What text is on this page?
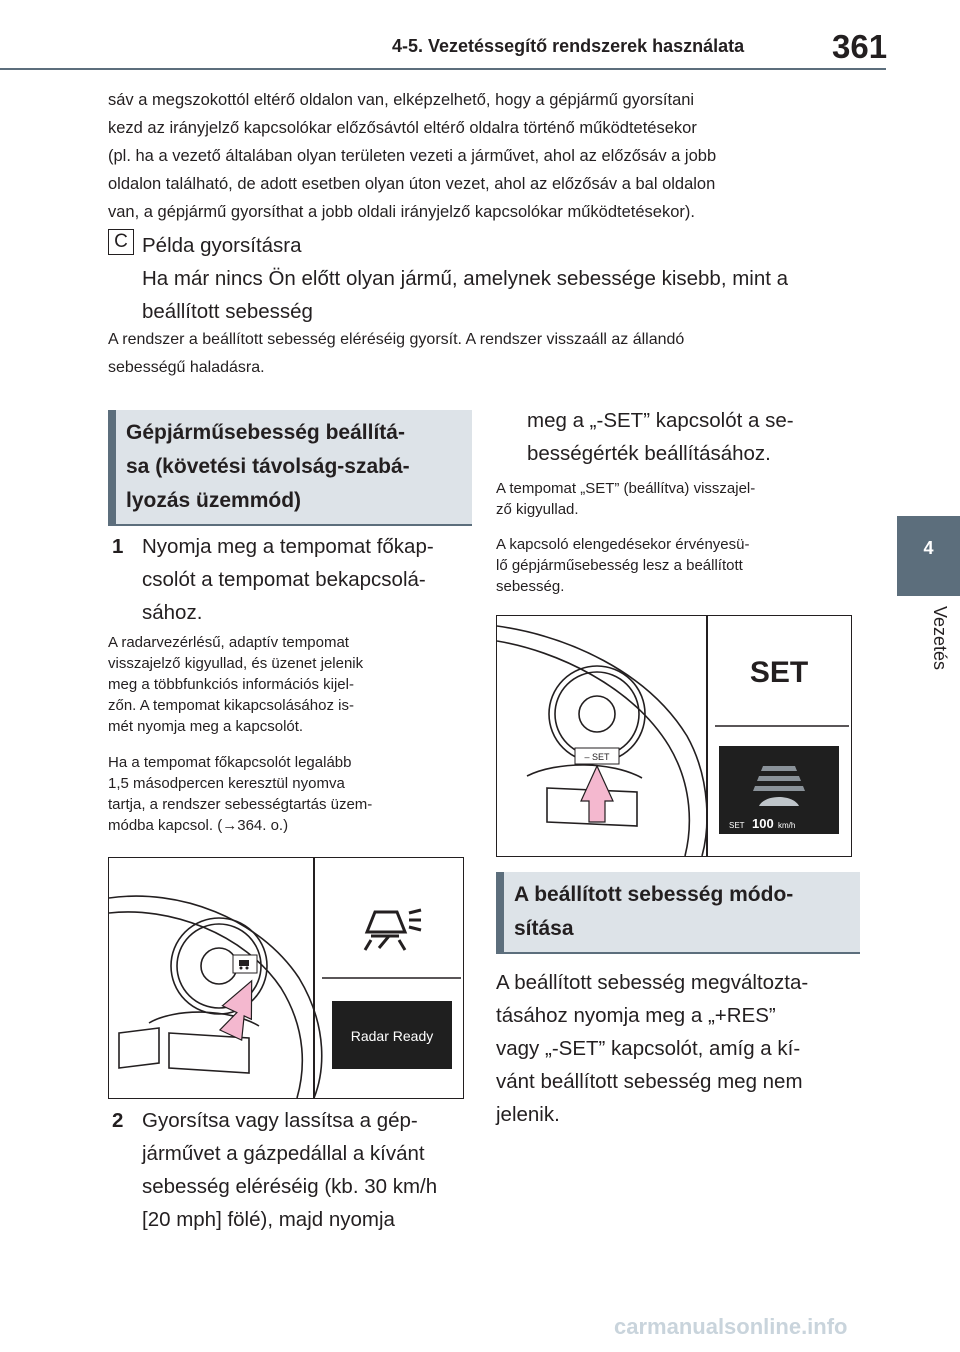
4-5. Vezetéssegítő rendszerek használata	361
4
Vezetés
sáv a megszokottól eltérő oldalon van, elképzelhető, hogy a gépjármű gyorsítani
kezd az irányjelző kapcsolókar előzősávtól eltérő oldalra történő működtetésekor
(pl. ha a vezető általában olyan területen vezeti a járművet, ahol az előzősáv a jobb
oldalon található, de adott esetben olyan úton vezet, ahol az előzősáv a bal oldalon
van, a gépjármű gyorsíthat a jobb oldali irányjelző kapcsolókar működtetésekor).
C Példa gyorsításra
Ha már nincs Ön előtt olyan jármű, amelynek sebessége kisebb, mint a
beállított sebesség
A rendszer a beállított sebesség eléréséig gyorsít. A rendszer visszaáll az állandó
sebességű haladásra.
Gépjárműsebesség beállítá-
sa (követési távolság-szabá-
lyozás üzemmód)
1 Nyomja meg a tempomat főkap-
csolót a tempomat bekapcsolá-
sához.
A radarvezérlésű, adaptív tempomat
visszajelző kigyullad, és üzenet jelenik
meg a többfunkciós információs kijel-
zőn. A tempomat kikapcsolásához is-
mét nyomja meg a kapcsolót.
Ha a tempomat főkapcsolót legalább
1,5 másodpercen keresztül nyomva
tartja, a rendszer sebességtartás üzem-
módba kapcsol. (→364. o.)
Radar Ready
2 Gyorsítsa vagy lassítsa a gép-
járművet a gázpedállal a kívánt
sebesség eléréséig (kb. 30 km/h
[20 mph] fölé), majd nyomja
meg a „-SET” kapcsolót a se-
bességérték beállításához.
A tempomat „SET” (beállítva) visszajel-
ző kigyullad.
A kapcsoló elengedésekor érvényesü-
lő gépjárműsebesség lesz a beállított
sebesség.
– SET
SET
SET 100 km/h
A beállított sebesség módo-
sítása
A beállított sebesség megváltozta-
tásához nyomja meg a „+RES”
vagy „-SET” kapcsolót, amíg a kí-
vánt beállított sebesség meg nem
jelenik.
carmanualsonline.info
